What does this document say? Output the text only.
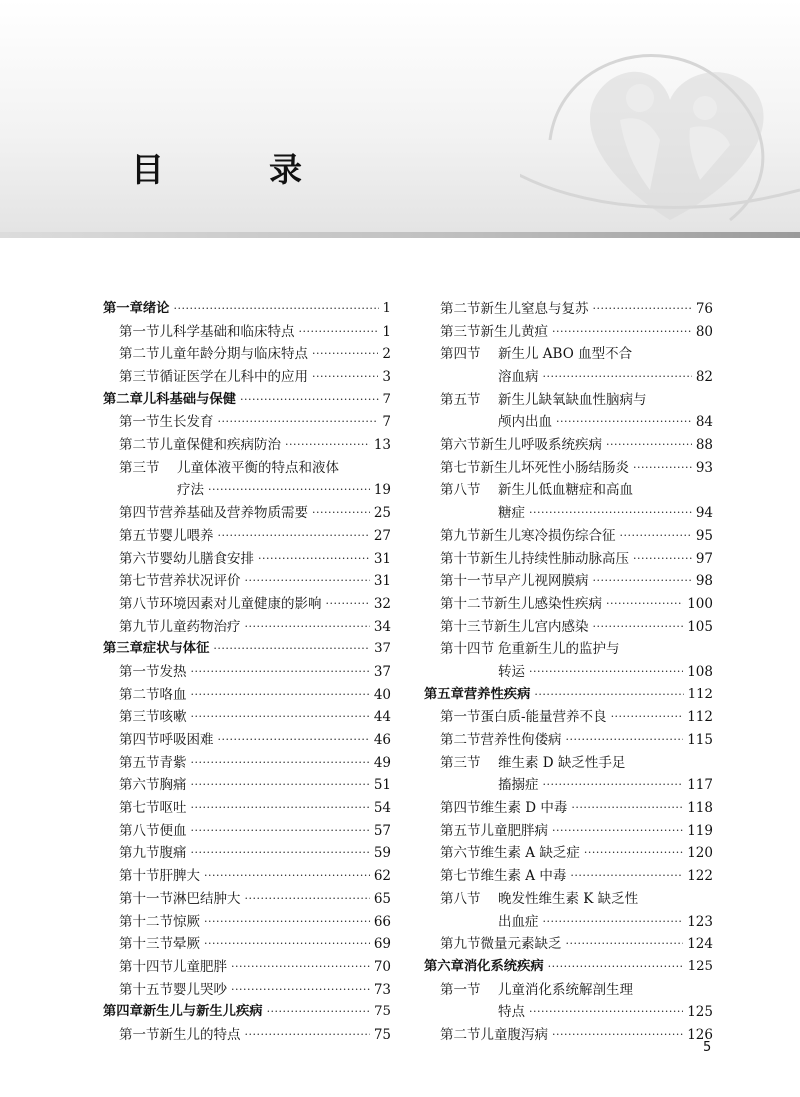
目　录
第一章 绪论 ·····	1
第一节 儿科学基础和临床特点 ·····	1
第二节 儿童年龄分期与临床特点 ·····	2
第三节 循证医学在儿科中的应用 ·····	3
第二章 儿科基础与保健 ·····	7
第一节 生长发育 ·····	7
第二节 儿童保健和疾病防治 ·····	13
第三节	儿童体液平衡的特点和液体
疗法 ·····	19
第四节 营养基础及营养物质需要 ·····	25
第五节 婴儿喂养 ·····	27
第六节 婴幼儿膳食安排 ·····	31
第七节 营养状况评价 ·····	31
第八节 环境因素对儿童健康的影响 ·····	32
第九节 儿童药物治疗 ·····	34
第三章 症状与体征 ·····	37
第一节 发热 ·····	37
第二节 咯血 ·····	40
第三节 咳嗽 ·····	44
第四节 呼吸困难 ·····	46
第五节 青紫 ·····	49
第六节 胸痛 ·····	51
第七节 呕吐 ·····	54
第八节 便血 ·····	57
第九节 腹痛 ·····	59
第十节 肝脾大 ·····	62
第十一节 淋巴结肿大 ·····	65
第十二节 惊厥 ·····	66
第十三节 晕厥 ·····	69
第十四节 儿童肥胖 ·····	70
第十五节 婴儿哭吵 ·····	73
第四章 新生儿与新生儿疾病 ·····	75
第一节 新生儿的特点 ·····	75
第二节 新生儿窒息与复苏 ·····	76
第三节 新生儿黄疸 ·····	80
第四节	新生儿 ABO 血型不合
溶血病 ·····	82
第五节	新生儿缺氧缺血性脑病与
颅内出血 ·····	84
第六节 新生儿呼吸系统疾病 ·····	88
第七节 新生儿坏死性小肠结肠炎 ·····	93
第八节	新生儿低血糖症和高血
糖症 ·····	94
第九节 新生儿寒冷损伤综合征 ·····	95
第十节 新生儿持续性肺动脉高压 ·····	97
第十一节 早产儿视网膜病 ·····	98
第十二节 新生儿感染性疾病 ·····	100
第十三节 新生儿宫内感染 ·····	105
第十四节 危重新生儿的监护与
转运 ·····	108
第五章 营养性疾病 ·····	112
第一节 蛋白质-能量营养不良 ·····	112
第二节 营养性佝偻病 ·····	115
第三节	维生素 D 缺乏性手足
搐搦症 ·····	117
第四节 维生素 D 中毒 ·····	118
第五节 儿童肥胖病 ·····	119
第六节 维生素 A 缺乏症 ·····	120
第七节 维生素 A 中毒 ·····	122
第八节	晚发性维生素 K 缺乏性
出血症 ·····	123
第九节 微量元素缺乏 ·····	124
第六章 消化系统疾病 ·····	125
第一节	儿童消化系统解剖生理
特点 ·····	125
第二节 儿童腹泻病 ·····	126
5
